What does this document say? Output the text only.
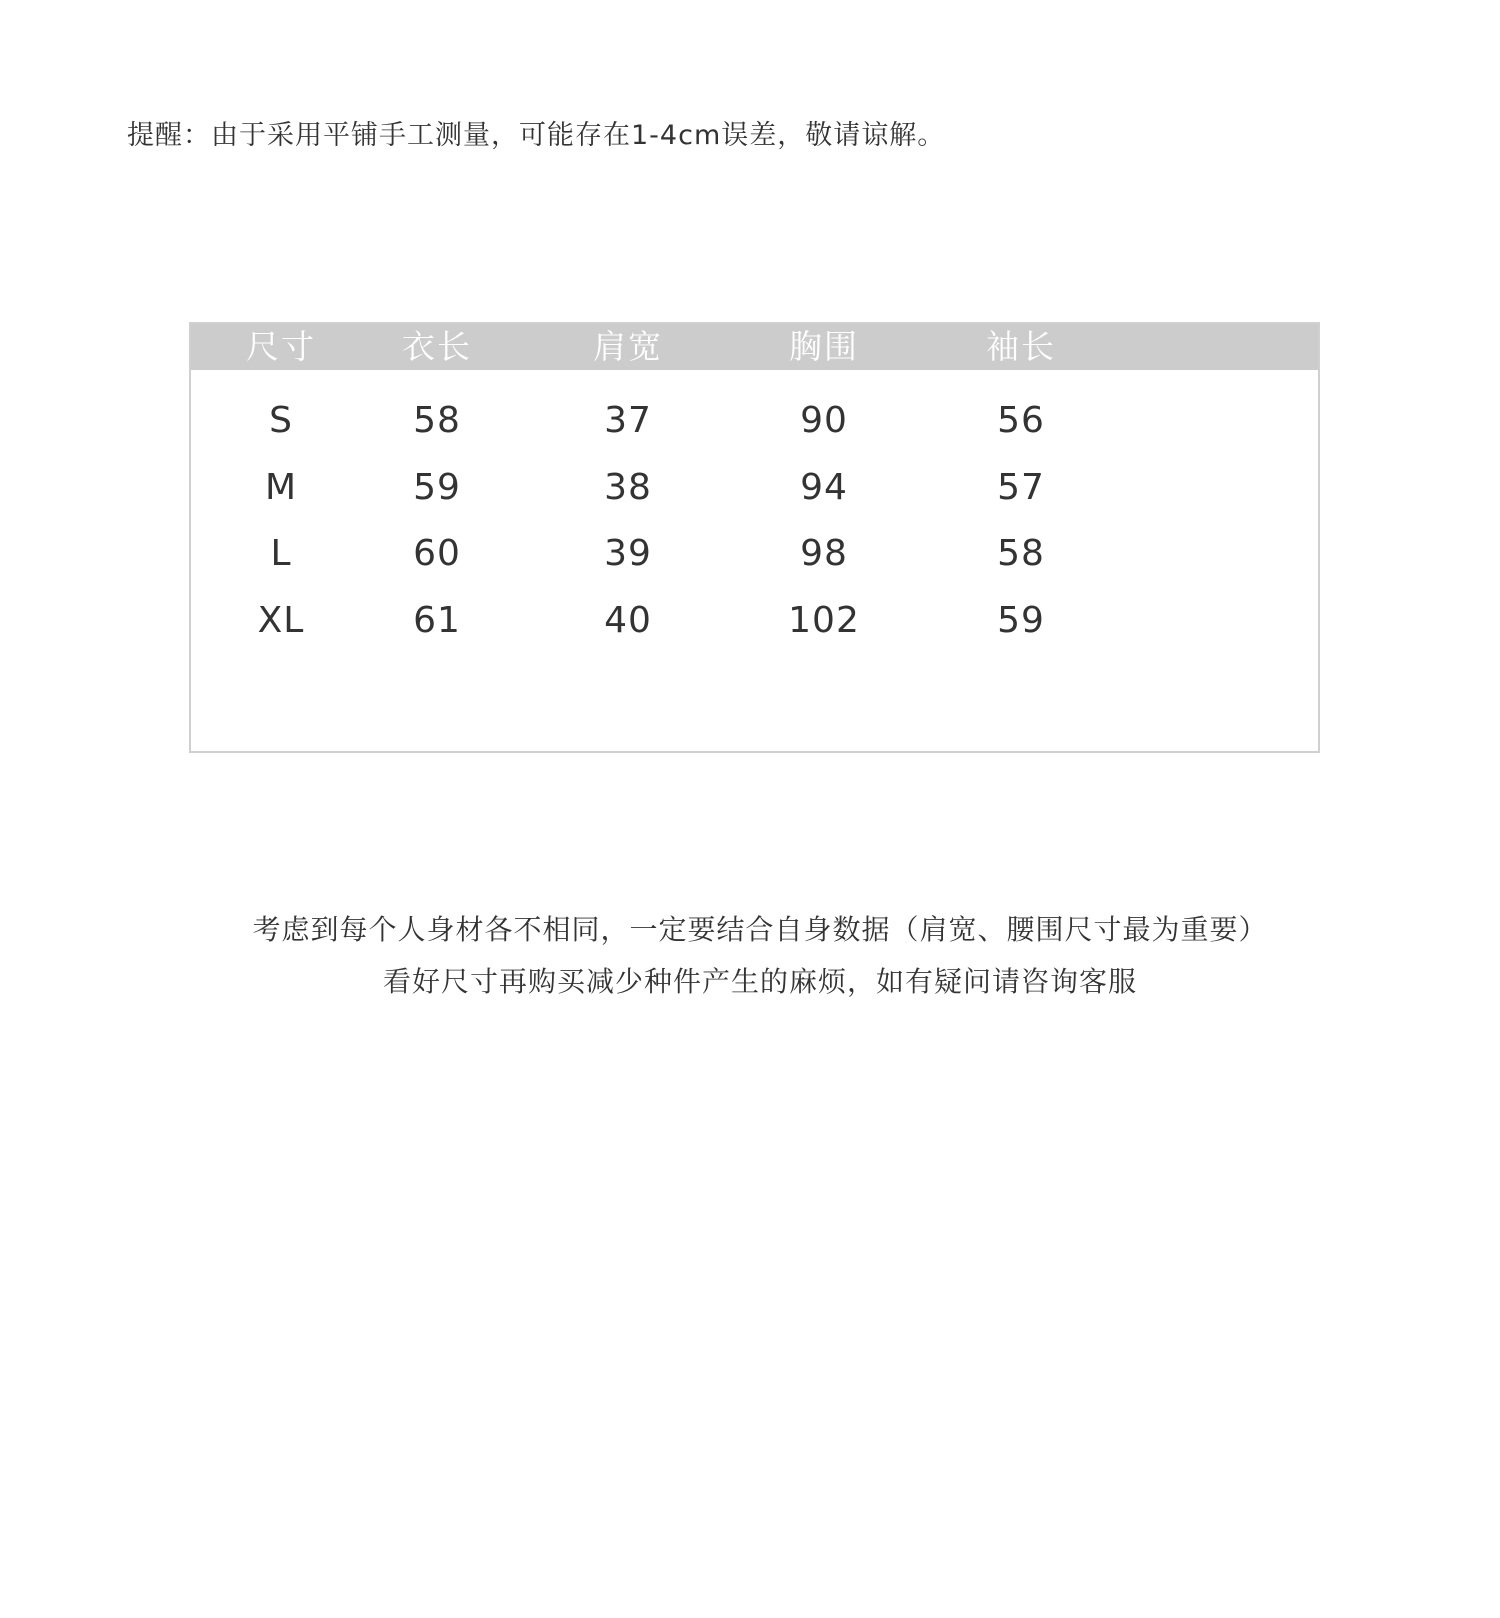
提醒：由于采用平铺手工测量，可能存在1-4cm误差，敬请谅解。
尺寸	衣长	肩宽	胸围	袖长
S	58	37	90	56
M	59	38	94	57
L	60	39	98	58
XL	61	40	102	59
考虑到每个人身材各不相同，一定要结合自身数据（肩宽、腰围尺寸最为重要）
看好尺寸再购买减少种件产生的麻烦，如有疑问请咨询客服
